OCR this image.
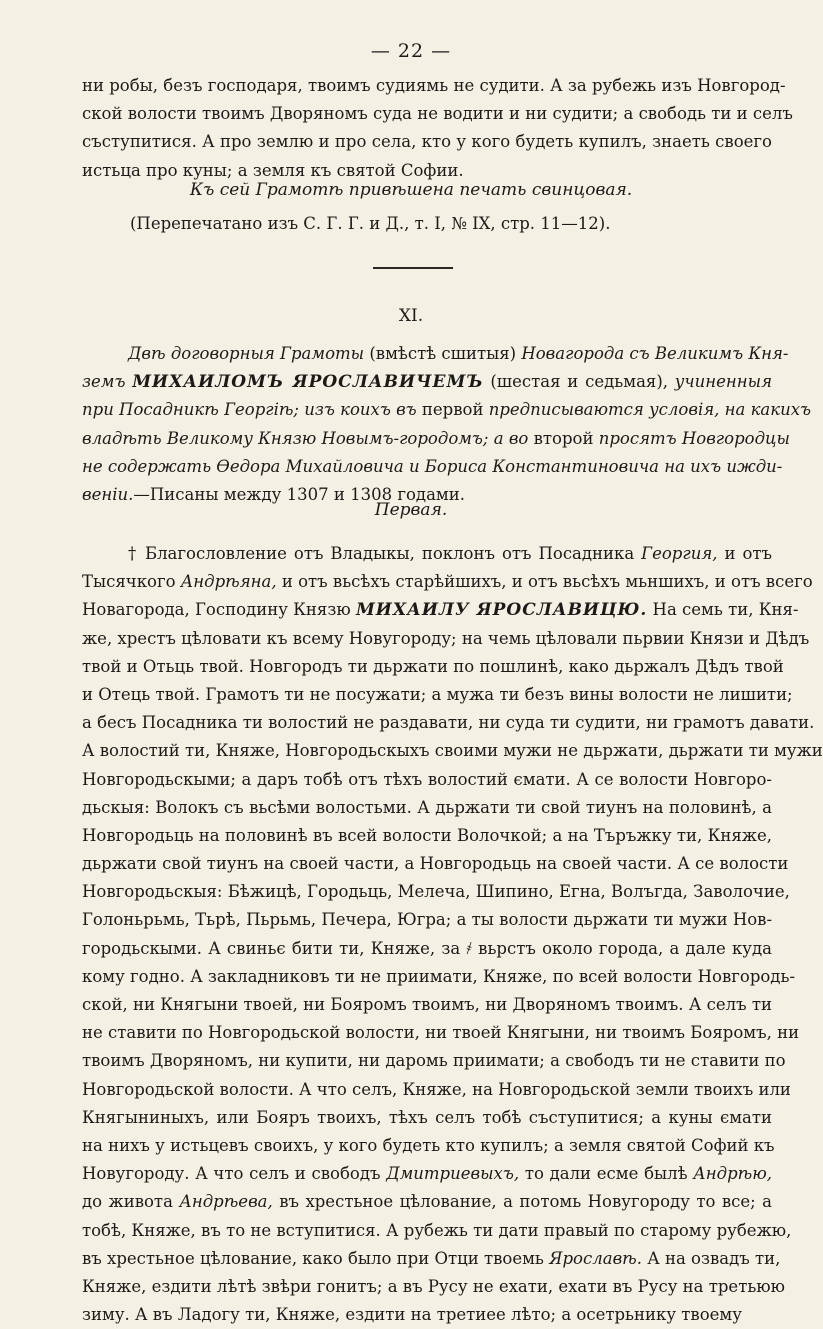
— 22 —
ни робы, безъ господаря, твоимъ судиямь не судити. А за рубежь изъ Новгород-
ской волости твоимъ Дворяномъ суда не водити и ни судити; а свободь ти и селъ
съступитися. А про землю и про села, кто у кого будеть купилъ, знаеть своего
истьца про куны; а земля къ святой Софии.
Къ сей Грамотѣ привѣшена печать свинцовая.
(Перепечатано изъ С. Г. Г. и Д., т. I, № IX, стр. 11—12).
XI.
Двѣ договорныя Грамоты (вмѣстѣ сшитыя) Новагорода съ Великимъ Кня-
земъ МИХАИЛОМЪ ЯРОСЛАВИЧЕМЪ (шестая и седьмая), учиненныя
при Посадникѣ Георгiѣ; изъ коихъ въ первой предписываются условiя, на какихъ
владѣть Великому Князю Новымъ-городомъ; а во второй просятъ Новгородцы
не содержать Ѳедора Михайловича и Бориса Константиновича на ихъ ижди-
венiи.—Писаны между 1307 и 1308 годами.
Первая.
† Благословление отъ Владыкы, поклонъ отъ Посадника Георгия, и отъ
Тысячкого Андрѣяна, и отъ вьсѣхъ старѣйшихъ, и отъ вьсѣхъ мьншихъ, и отъ всего
Новагорода, Господину Князю МИХАИЛУ ЯРОСЛАВИЦЮ. На семь ти, Кня-
же, хрестъ цѣловати къ всему Новугороду; на чемь цѣловали пьрвии Князи и Дѣдъ
твой и Отьць твой. Новгородъ ти дьржати по пошлинѣ, како дьржалъ Дѣдъ твой
и Отець твой. Грамотъ ти не посужати; а мужа ти безъ вины волости не лишити;
а бесъ Посадника ти волостий не раздавати, ни суда ти судити, ни грамотъ давати.
А волостий ти, Княже, Новгородьскыхъ своими мужи не дьржати, дьржати ти мужи
Новгородьскыми; а даръ тобѣ отъ тѣхъ волостий ємати. А се волости Новгоро-
дьскыя: Волокъ съ вьсѣми волостьми. А дьржати ти свой тиунъ на половинѣ, а
Новгородьць на половинѣ въ всей волости Волочкой; а на Търъжку ти, Княже,
дьржати свой тиунъ на своей части, а Новгородьць на своей части. А се волости
Новгородьскыя: Бѣжицѣ, Городьць, Мелеча, Шипино, Егна, Волъгда, Заволочие,
Голоньрьмь, Тьрѣ, Пьрьмь, Печера, Югра; а ты волости дьржати ти мужи Нов-
городьскыми. А свиньє бити ти, Княже, за ҂ вьрстъ около города, а дале куда
кому годно. А закладниковъ ти не приимати, Княже, по всей волости Новгородь-
ской, ни Княгыни твоей, ни Бояромъ твоимъ, ни Дворяномъ твоимъ. А селъ ти
не ставити по Новгородьской волости, ни твоей Княгыни, ни твоимъ Бояромъ, ни
твоимъ Дворяномъ, ни купити, ни даромь приимати; а свободъ ти не ставити по
Новгородьской волости. А что селъ, Княже, на Новгородьской земли твоихъ или
Княгыниныхъ, или Бояръ твоихъ, тѣхъ селъ тобѣ съступитися; а куны ємати
на нихъ у истьцевъ своихъ, у кого будеть кто купилъ; а земля святой Софий къ
Новугороду. А что селъ и свободъ Дмитриевыхъ, то дали есме былѣ Андрѣю,
до живота Андрѣева, въ хрестьное цѣлование, а потомь Новугороду то все; а
тобѣ, Княже, въ то не вступитися. А рубежь ти дати правый по старому рубежю,
въ хрестьное цѣлование, како было при Отци твоемь Ярославѣ. А на озвадъ ти,
Княже, ездити лѣтѣ звѣри гонитъ; а въ Русу не ехати, ехати въ Русу на третьюю
зиму. А въ Ладогу ти, Княже, ездити на третиее лѣто; а осетрьнику твоему
